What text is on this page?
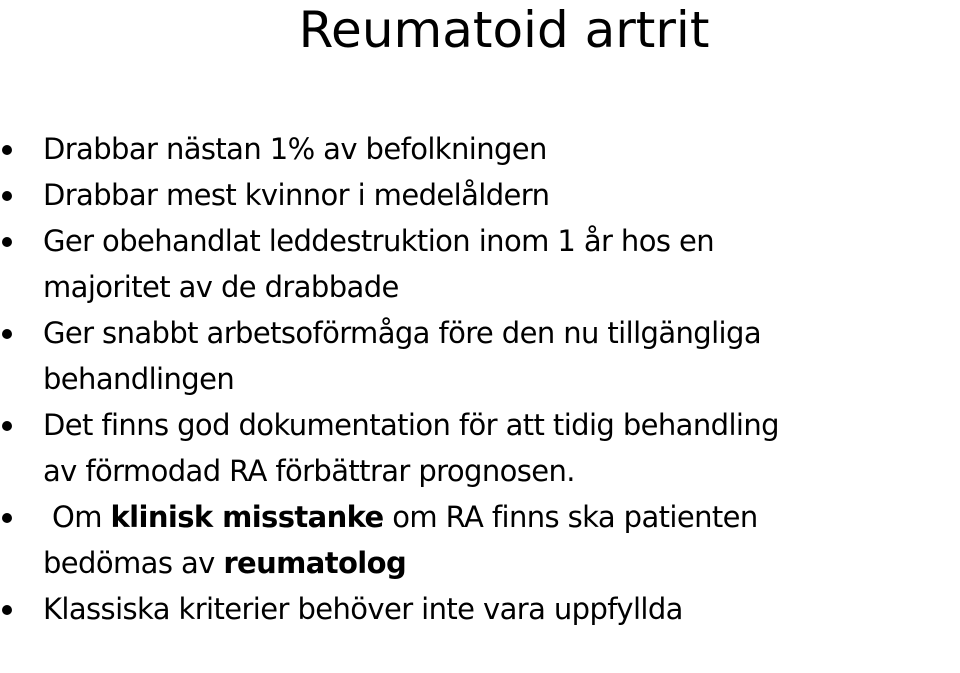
Reumatoid artrit
Drabbar nästan 1% av befolkningen
Drabbar mest kvinnor i medelåldern
Ger obehandlat leddestruktion inom 1 år hos en
majoritet av de drabbade
Ger snabbt arbetsoförmåga före den nu tillgängliga
behandlingen
Det finns god dokumentation för att tidig behandling
av förmodad RA förbättrar prognosen.
Om klinisk misstanke om RA finns ska patienten
bedömas av reumatolog
Klassiska kriterier behöver inte vara uppfyllda
